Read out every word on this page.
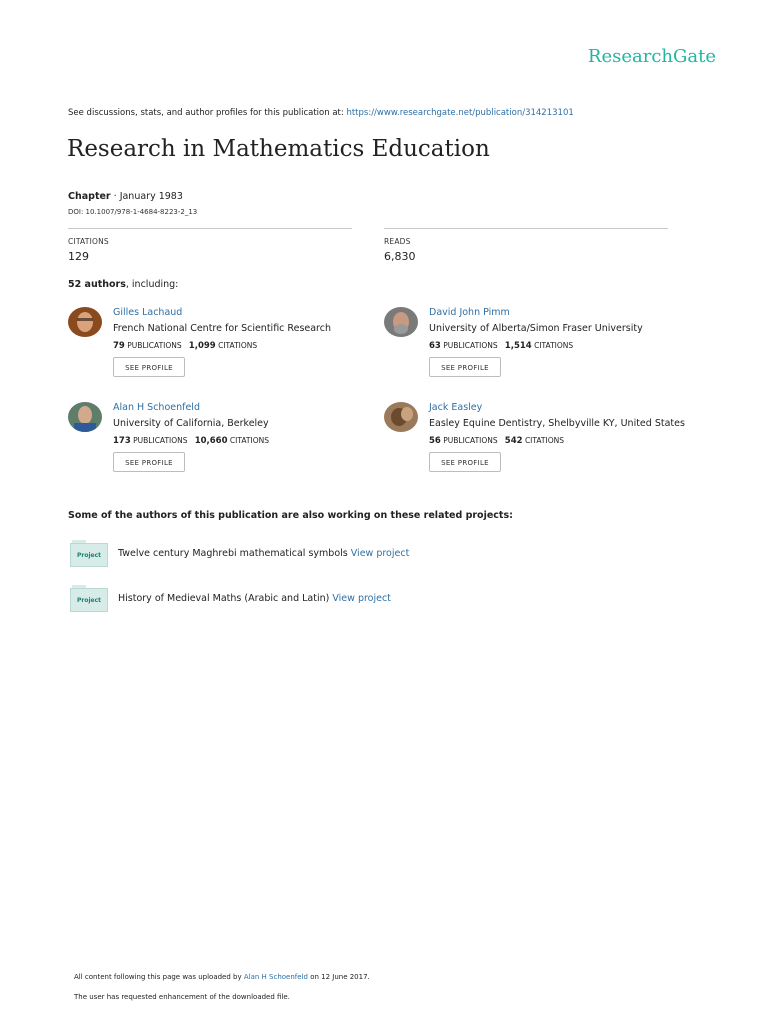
ResearchGate
See discussions, stats, and author profiles for this publication at: https://www.researchgate.net/publication/314213101
Research in Mathematics Education
Chapter · January 1983
DOI: 10.1007/978-1-4684-8223-2_13
CITATIONS
129
READS
6,830
52 authors, including:
Gilles Lachaud
French National Centre for Scientific Research
79 PUBLICATIONS 1,099 CITATIONS
SEE PROFILE
David John Pimm
University of Alberta/Simon Fraser University
63 PUBLICATIONS 1,514 CITATIONS
SEE PROFILE
Alan H Schoenfeld
University of California, Berkeley
173 PUBLICATIONS 10,660 CITATIONS
SEE PROFILE
Jack Easley
Easley Equine Dentistry, Shelbyville KY, United States
56 PUBLICATIONS 542 CITATIONS
SEE PROFILE
Some of the authors of this publication are also working on these related projects:
Project	Twelve century Maghrebi mathematical symbols View project
Project	History of Medieval Maths (Arabic and Latin) View project
All content following this page was uploaded by Alan H Schoenfeld on 12 June 2017.
The user has requested enhancement of the downloaded file.
